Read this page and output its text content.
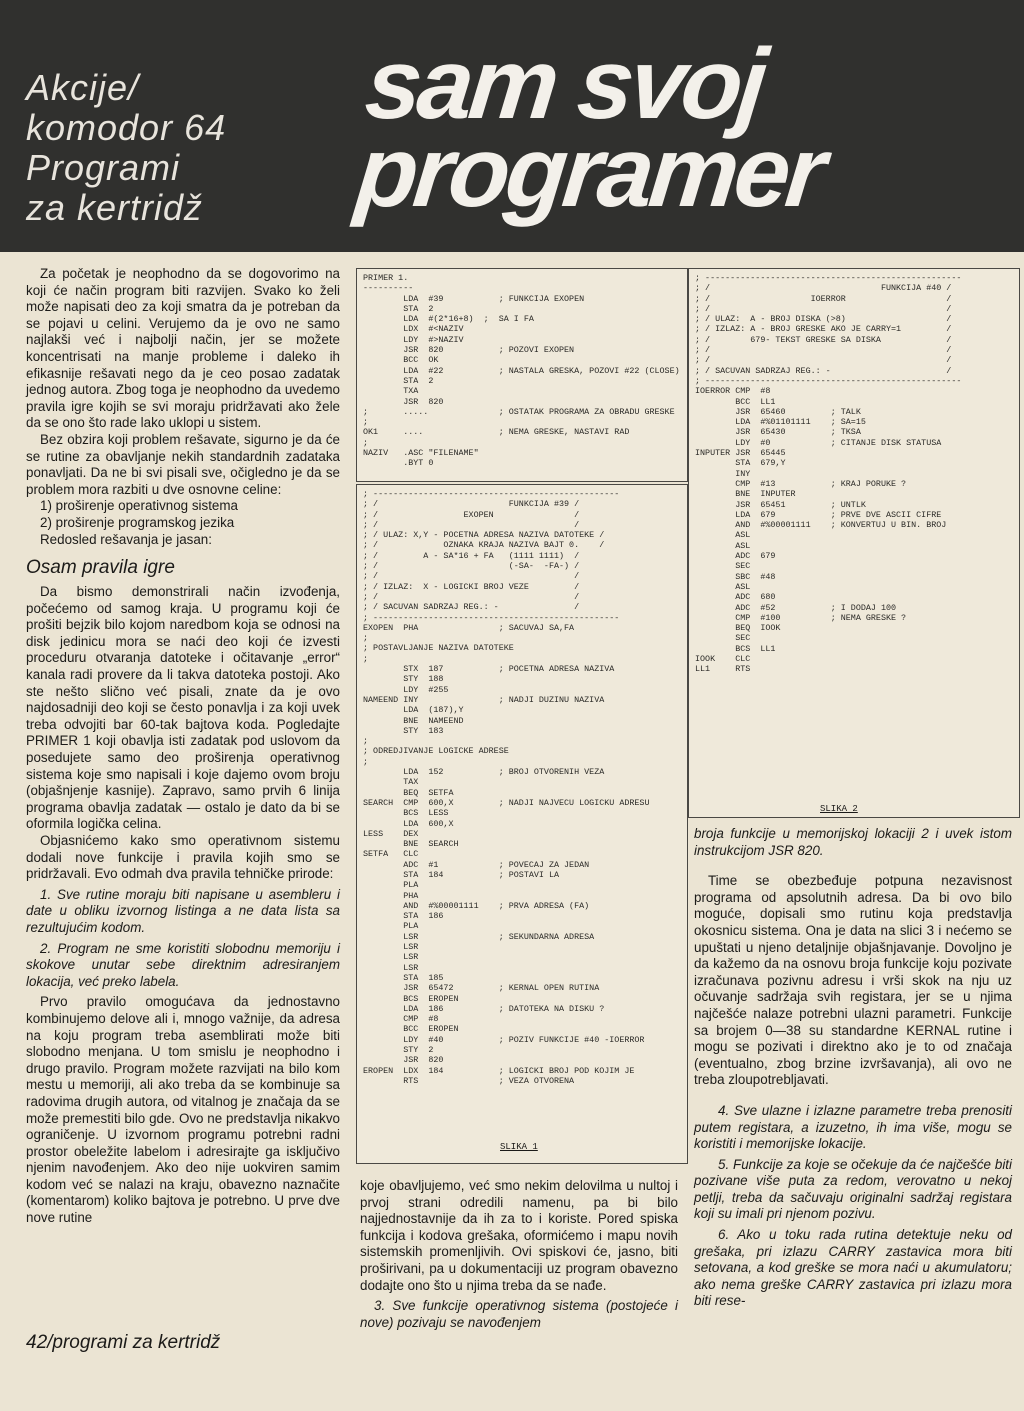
Akcije/
komodor 64
Programi
za kertridž
sam svoj
programer

Za početak je neophodno da se dogovorimo na koji će način program biti razvijen. Svako ko želi može napisati deo za koji smatra da je potreban da se pojavi u celini. Verujemo da je ovo ne samo najlakši već i najbolji način, jer se možete koncentrisati na manje probleme i daleko ih efikasnije rešavati nego da je ceo posao zadatak jednog autora. Zbog toga je neophodno da uvedemo pravila igre kojih se svi moraju pridržavati ako žele da se ono što rade lako uklopi u sistem.

Bez obzira koji problem rešavate, sigurno je da će se rutine za obavljanje nekih standardnih zadataka ponavljati. Da ne bi svi pisali sve, očigledno je da se problem mora razbiti u dve osnovne celine:

1) proširenje operativnog sistema
2) proširenje programskog jezika

Redosled rešavanja je jasan:

Osam pravila igre

Da bismo demonstrirali način izvođenja, počećemo od samog kraja. U programu koji će prošiti bejzik bilo kojom naredbom koja se odnosi na disk jedinicu mora se naći deo koji će izvesti proceduru otvaranja datoteke i očitavanje „error“ kanala radi provere da li takva datoteka postoji. Ako ste nešto slično već pisali, znate da je ovo najdosadniji deo koji se često ponavlja i za koji uvek treba odvojiti bar 60-tak bajtova koda. Pogledajte PRIMER 1 koji obavlja isti zadatak pod uslovom da posedujete samo deo proširenja operativnog sistema koje smo napisali i koje dajemo ovom broju (objašnjenje kasnije). Zapravo, samo prvih 6 linija programa obavlja zadatak — ostalo je dato da bi se oformila logička celina.

Objasnićemo kako smo operativnom sistemu dodali nove funkcije i pravila kojih smo se pridržavali. Evo odmah dva pravila tehničke prirode:

1. Sve rutine moraju biti napisane u asembleru i date u obliku izvornog listinga a ne data lista sa rezultujućim kodom.

2. Program ne sme koristiti slobodnu memoriju i skokove unutar sebe direktnim adresiranjem lokacija, već preko labela.

Prvo pravilo omogućava da jednostavno kombinujemo delove ali i, mnogo važnije, da adresa na koju program treba asemblirati može biti slobodno menjana. U tom smislu je neophodno i drugo pravilo. Program možete razvijati na bilo kom mestu u memoriji, ali ako treba da se kombinuje sa radovima drugih autora, od vitalnog je značaja da se može premestiti bilo gde. Ovo ne predstavlja nikakvo ograničenje. U izvornom programu potrebni radni prostor obeležite labelom i adresirajte ga isključivo njenim navođenjem. Ako deo nije uokviren samim kodom već se nalazi na kraju, obavezno naznačite (komentarom) koliko bajtova je potrebno. U prve dve nove rutine

42/programi za kertridž
PRIMER 1.
----------
LDA  #39           ; FUNKCIJA EXOPEN
STA  2
LDA  #(2*16+8)  ;  SA I FA
LDX  #<NAZIV
LDY  #>NAZIV
JSR  820           ; POZOVI EXOPEN
BCC  OK
LDA  #22           ; NASTALA GRESKA, POZOVI #22 (CLOSE)
STA  2
TXA
JSR  820
;       .....              ; OSTATAK PROGRAMA ZA OBRADU GRESKE
;
OK1     ....               ; NEMA GRESKE, NASTAVI RAD
;
NAZIV   .ASC "FILENAME"
.BYT 0
; -------------------------------------------------
; /                          FUNKCIJA #39 /
; /                 EXOPEN                /
; /                                       /
; / ULAZ: X,Y - POCETNA ADRESA NAZIVA DATOTEKE /
; /             OZNAKA KRAJA NAZIVA BAJT 0.    /
; /         A - SA*16 + FA   (1111 1111)  /
; /                          (-SA-  -FA-) /
; /                                       /
; / IZLAZ:  X - LOGICKI BROJ VEZE         /
; /                                       /
; / SACUVAN SADRZAJ REG.: -               /
; -------------------------------------------------
EXOPEN  PHA                ; SACUVAJ SA,FA
;
; POSTAVLJANJE NAZIVA DATOTEKE
;
STX  187           ; POCETNA ADRESA NAZIVA
STY  188
LDY  #255
NAMEEND INY                ; NADJI DUZINU NAZIVA
LDA  (187),Y
BNE  NAMEEND
STY  183
;
; ODREDJIVANJE LOGICKE ADRESE
;
LDA  152           ; BROJ OTVORENIH VEZA
TAX
BEQ  SETFA
SEARCH  CMP  600,X         ; NADJI NAJVECU LOGICKU ADRESU
BCS  LESS
LDA  600,X
LESS    DEX
BNE  SEARCH
SETFA   CLC
ADC  #1            ; POVECAJ ZA JEDAN
STA  184           ; POSTAVI LA
PLA
PHA
AND  #%00001111    ; PRVA ADRESA (FA)
STA  186
PLA
LSR                ; SEKUNDARNA ADRESA
LSR
LSR
LSR
STA  185
JSR  65472         ; KERNAL OPEN RUTINA
BCS  EROPEN
LDA  186           ; DATOTEKA NA DISKU ?
CMP  #8
BCC  EROPEN
LDY  #40           ; POZIV FUNKCIJE #40 -IOERROR
STY  2
JSR  820
EROPEN  LDX  184           ; LOGICKI BROJ POD KOJIM JE
RTS                ; VEZA OTVORENA
SLIKA 1
; ---------------------------------------------------
; /                                  FUNKCIJA #40 /
; /                    IOERROR                    /
; /                                               /
; / ULAZ:  A - BROJ DISKA (>8)                    /
; / IZLAZ: A - BROJ GRESKE AKO JE CARRY=1         /
; /        679- TEKST GRESKE SA DISKA             /
; /                                               /
; /                                               /
; / SACUVAN SADRZAJ REG.: -                       /
; ---------------------------------------------------
IOERROR CMP  #8
BCC  LL1
JSR  65460         ; TALK
LDA  #%01101111    ; SA=15
JSR  65430         ; TKSA
LDY  #0            ; CITANJE DISK STATUSA
INPUTER JSR  65445
STA  679,Y
INY
CMP  #13           ; KRAJ PORUKE ?
BNE  INPUTER
JSR  65451         ; UNTLK
LDA  679           ; PRVE DVE ASCII CIFRE
AND  #%00001111    ; KONVERTUJ U BIN. BROJ
ASL
ASL
ADC  679
SEC
SBC  #48
ASL
ADC  680
ADC  #52           ; I DODAJ 100
CMP  #100          ; NEMA GRESKE ?
BEQ  IOOK
SEC
BCS  LL1
IOOK    CLC
LL1     RTS
SLIKA 2

koje obavljujemo, već smo nekim delovilma u nultoj i prvoj strani odredili namenu, pa bi bilo najjednostavnije da ih za to i koriste. Pored spiska funkcija i kodova grešaka, oformićemo i mapu novih sistemskih promenljivih. Ovi spiskovi će, jasno, biti proširivani, pa u dokumentaciji uz program obavezno dodajte ono što u njima treba da se nađe.

3. Sve funkcije operativnog sistema (postojeće i nove) pozivaju se navođenjem

broja funkcije u memorijskoj lokaciji 2 i uvek istom instrukcijom JSR 820.

Time se obezbeđuje potpuna nezavisnost programa od apsolutnih adresa. Da bi ovo bilo moguće, dopisali smo rutinu koja predstavlja okosnicu sistema. Ona je data na slici 3 i nećemo se upuštati u njeno detaljnije objašnjavanje. Dovoljno je da kažemo da na osnovu broja funkcije koju pozivate izračunava pozivnu adresu i vrši skok na nju uz očuvanje sadržaja svih registara, jer se u njima najčešće nalaze potrebni ulazni parametri. Funkcije sa brojem 0—38 su standardne KERNAL rutine i mogu se pozivati i direktno ako je to od značaja (eventualno, zbog brzine izvršavanja), ali ovo ne treba zloupotrebljavati.

4. Sve ulazne i izlazne parametre treba prenositi putem registara, a izuzetno, ih ima više, mogu se koristiti i memorijske lokacije.

5. Funkcije za koje se očekuje da će najčešće biti pozivane više puta za redom, verovatno u nekoj petlji, treba da sačuvaju originalni sadržaj registara koji su imali pri njenom pozivu.

6. Ako u toku rada rutina detektuje neku od grešaka, pri izlazu CARRY zastavica mora biti setovana, a kod greške se mora naći u akumulatoru; ako nema greške CARRY zastavica pri izlazu mora biti rese-
